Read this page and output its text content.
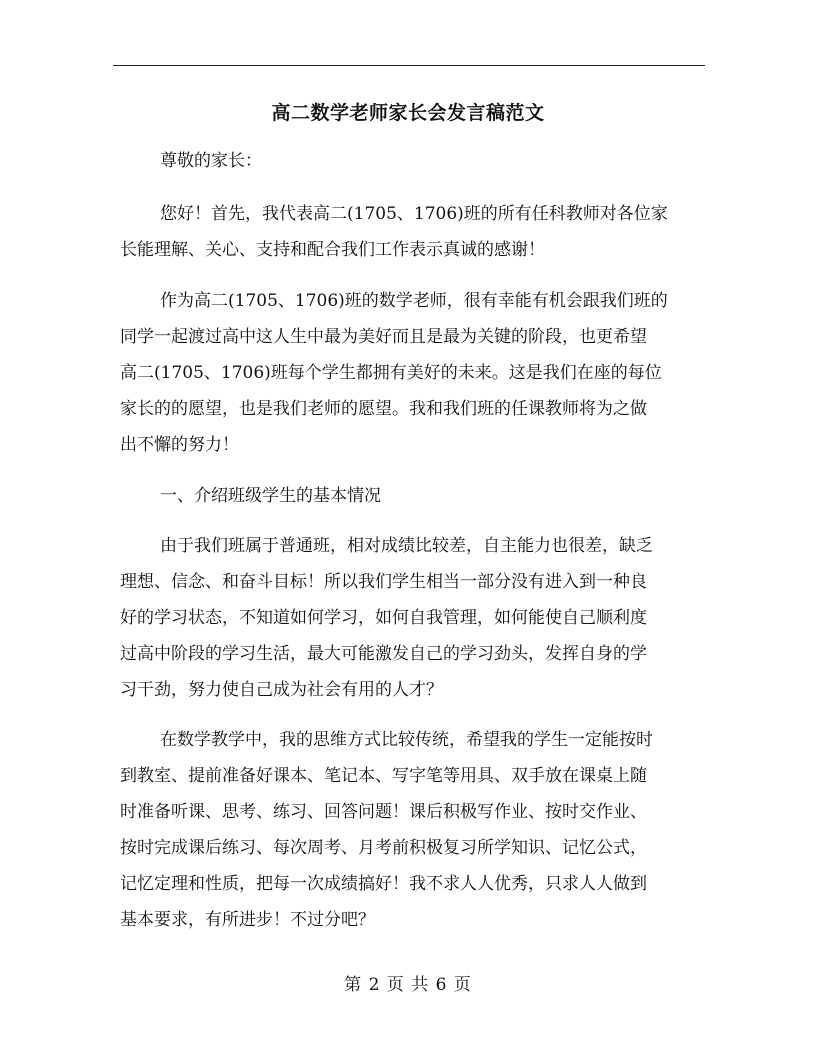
高二数学老师家长会发言稿范文
尊敬的家长：
您好！首先，我代表高二(1705、1706)班的所有任科教师对各位家
长能理解、关心、支持和配合我们工作表示真诚的感谢！
作为高二(1705、1706)班的数学老师，很有幸能有机会跟我们班的
同学一起渡过高中这人生中最为美好而且是最为关键的阶段，也更希望
高二(1705、1706)班每个学生都拥有美好的未来。这是我们在座的每位
家长的的愿望，也是我们老师的愿望。我和我们班的任课教师将为之做
出不懈的努力！
一、介绍班级学生的基本情况
由于我们班属于普通班，相对成绩比较差，自主能力也很差，缺乏
理想、信念、和奋斗目标！所以我们学生相当一部分没有进入到一种良
好的学习状态，不知道如何学习，如何自我管理，如何能使自己顺利度
过高中阶段的学习生活，最大可能激发自己的学习劲头，发挥自身的学
习干劲，努力使自己成为社会有用的人才？
在数学教学中，我的思维方式比较传统，希望我的学生一定能按时
到教室、提前准备好课本、笔记本、写字笔等用具、双手放在课桌上随
时准备听课、思考、练习、回答问题！课后积极写作业、按时交作业、
按时完成课后练习、每次周考、月考前积极复习所学知识、记忆公式，
记忆定理和性质，把每一次成绩搞好！我不求人人优秀，只求人人做到
基本要求，有所进步！不过分吧？
第 2 页 共 6 页
